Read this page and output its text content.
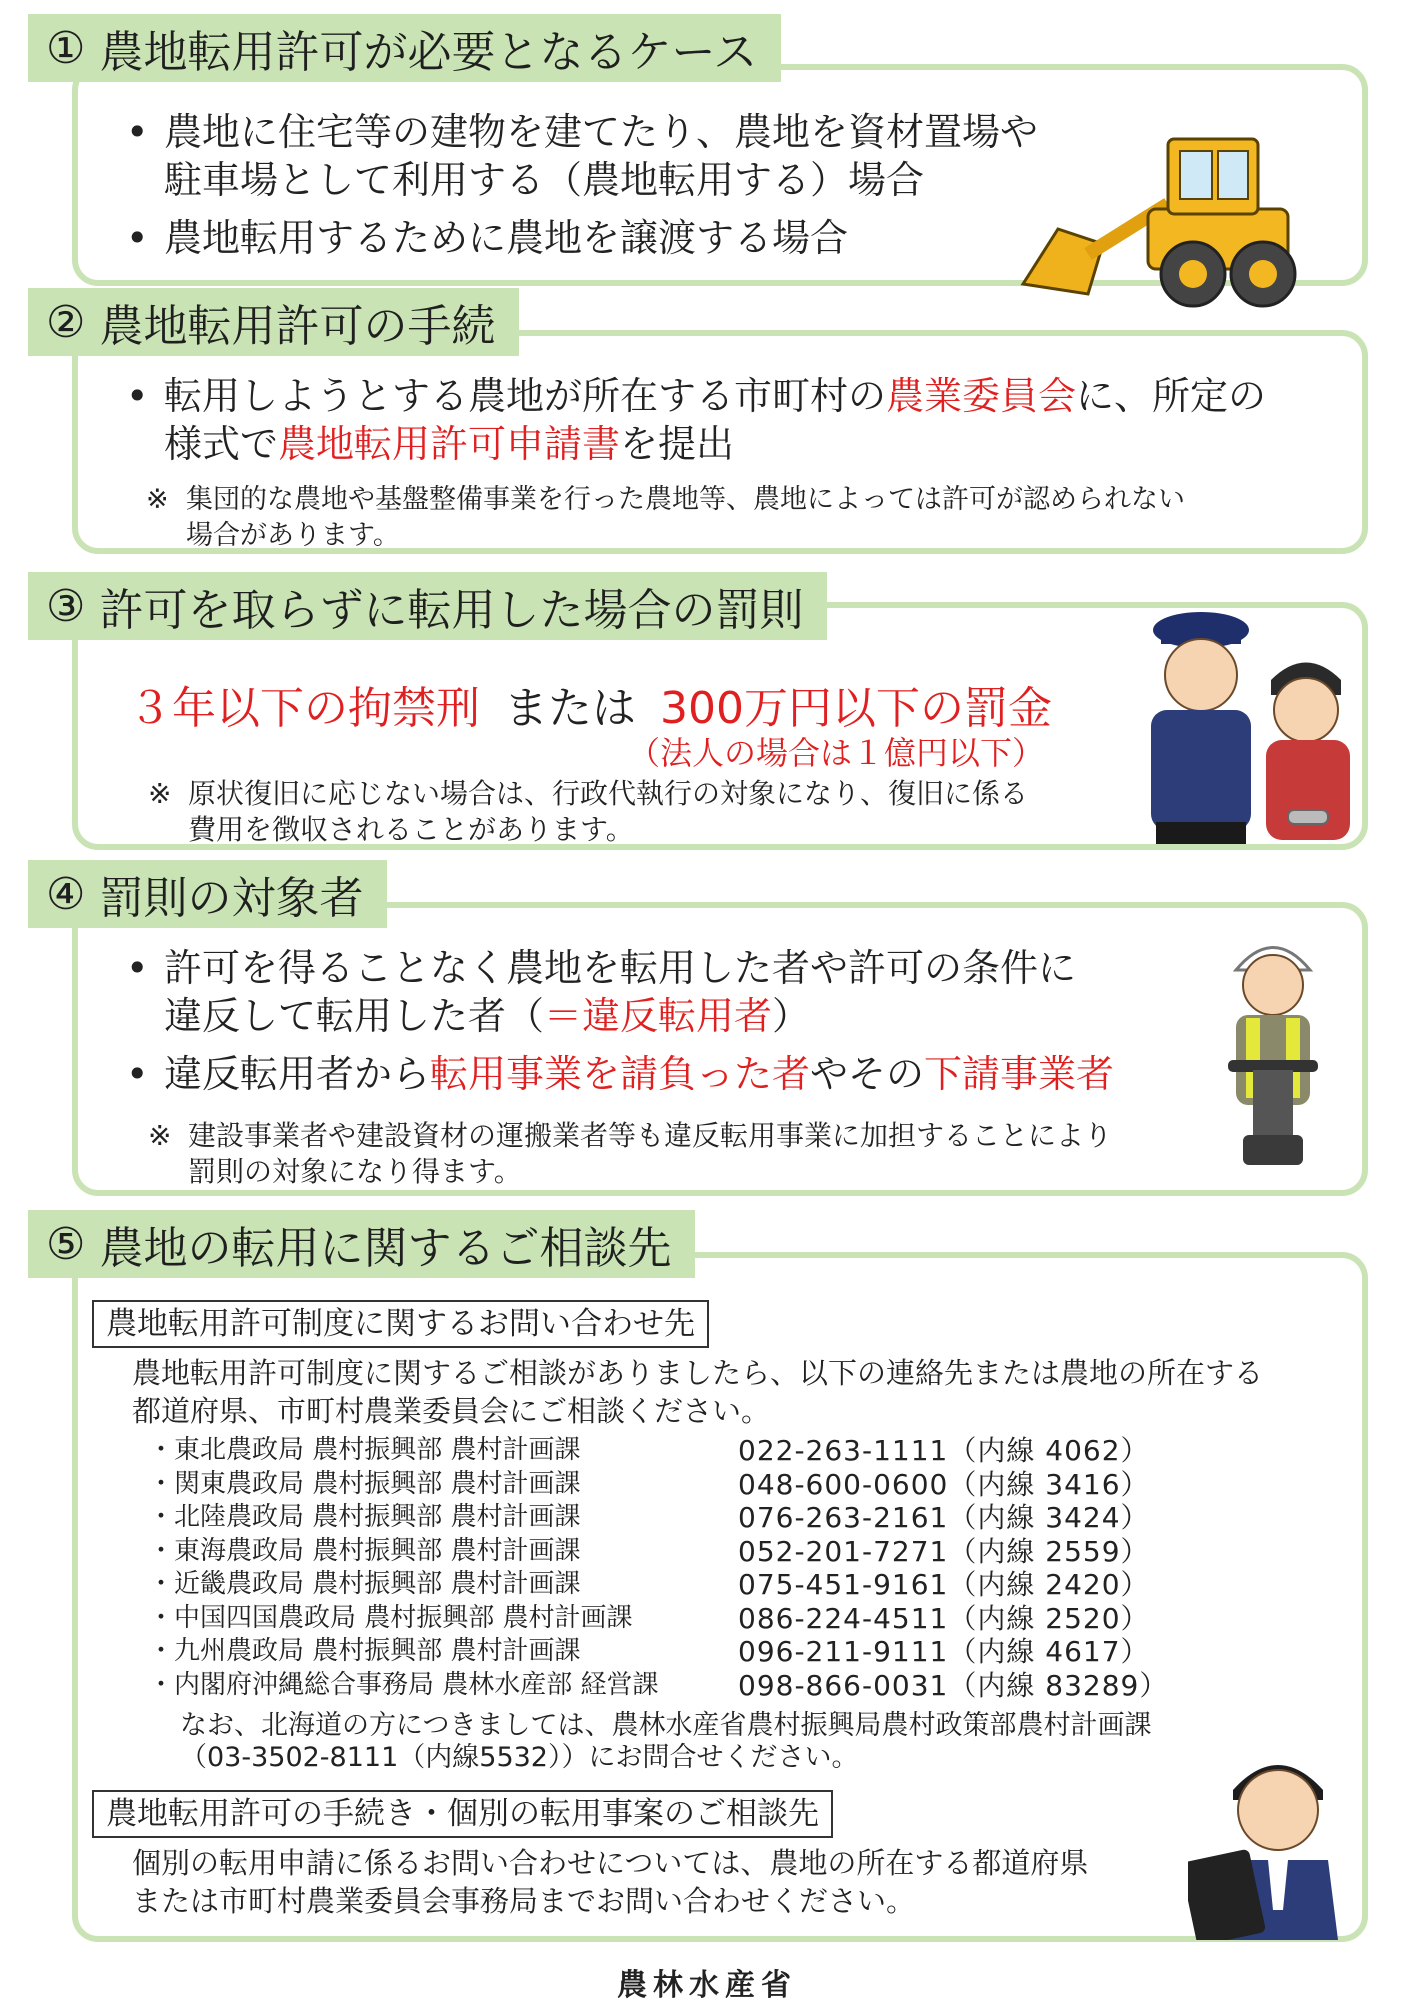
① 農地転用許可が必要となるケース
• 農地に住宅等の建物を建てたり、農地を資材置場や
駐車場として利用する（農地転用する）場合
• 農地転用するために農地を譲渡する場合
② 農地転用許可の手続
• 転用しようとする農地が所在する市町村の農業委員会に、所定の
様式で農地転用許可申請書を提出
※ 集団的な農地や基盤整備事業を行った農地等、農地によっては許可が認められない
場合があります。
③ 許可を取らずに転用した場合の罰則
３年以下の拘禁刑 または 300万円以下の罰金
（法人の場合は１億円以下）
※ 原状復旧に応じない場合は、行政代執行の対象になり、復旧に係る
費用を徴収されることがあります。
④ 罰則の対象者
• 許可を得ることなく農地を転用した者や許可の条件に
違反して転用した者（＝違反転用者）
• 違反転用者から転用事業を請負った者やその下請事業者
※ 建設事業者や建設資材の運搬業者等も違反転用事業に加担することにより
罰則の対象になり得ます。
⑤ 農地の転用に関するご相談先
農地転用許可制度に関するお問い合わせ先
農地転用許可制度に関するご相談がありましたら、以下の連絡先または農地の所在する
都道府県、市町村農業委員会にご相談ください。
・東北農政局 農村振興部 農村計画課	022-263-1111（内線 4062）
・関東農政局 農村振興部 農村計画課	048-600-0600（内線 3416）
・北陸農政局 農村振興部 農村計画課	076-263-2161（内線 3424）
・東海農政局 農村振興部 農村計画課	052-201-7271（内線 2559）
・近畿農政局 農村振興部 農村計画課	075-451-9161（内線 2420）
・中国四国農政局 農村振興部 農村計画課	086-224-4511（内線 2520）
・九州農政局 農村振興部 農村計画課	096-211-9111（内線 4617）
・内閣府沖縄総合事務局 農林水産部 経営課	098-866-0031（内線 83289）
なお、北海道の方につきましては、農林水産省農村振興局農村政策部農村計画課
（03-3502-8111（内線5532））にお問合せください。
農地転用許可の手続き・個別の転用事案のご相談先
個別の転用申請に係るお問い合わせについては、農地の所在する都道府県
または市町村農業委員会事務局までお問い合わせください。
農林水産省
